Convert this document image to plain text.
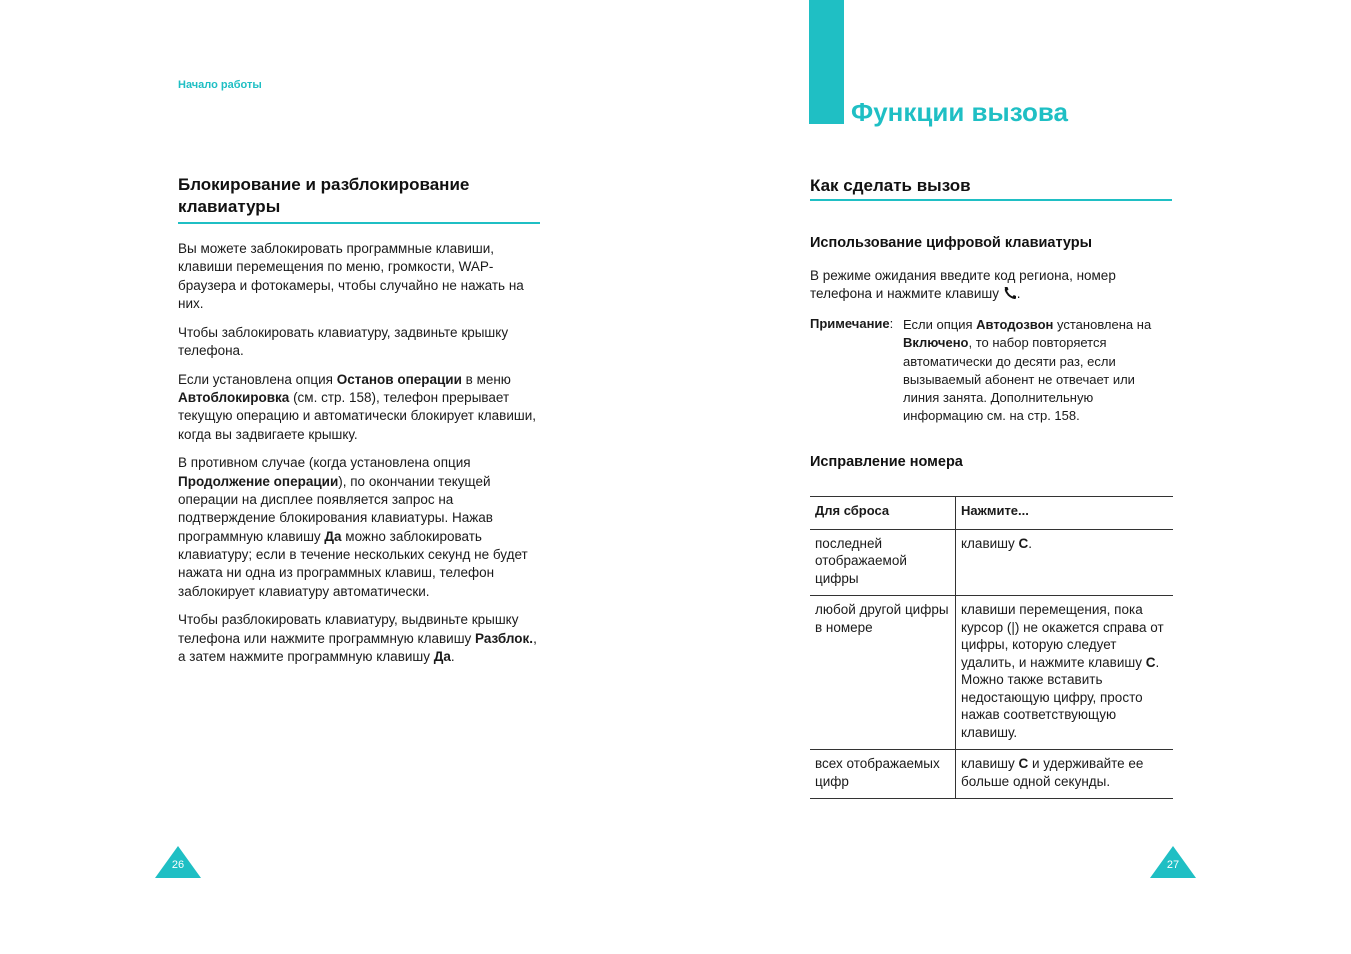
Начало работы
Блокирование и разблокирование
клавиатуры

Вы можете заблокировать программные клавиши, клавиши перемещения по меню, громкости, WAP-браузера и фотокамеры, чтобы случайно не нажать на них.

Чтобы заблокировать клавиатуру, задвиньте крышку телефона.

Если установлена опция Останов операции в меню Автоблокировка (см. стр. 158), телефон прерывает текущую операцию и автоматически блокирует клавиши, когда вы задвигаете крышку.

В противном случае (когда установлена опция Продолжение операции), по окончании текущей операции на дисплее появляется запрос на подтверждение блокирования клавиатуры. Нажав программную клавишу Да можно заблокировать клавиатуру; если в течение нескольких секунд не будет нажата ни одна из программных клавиш, телефон заблокирует клавиатуру автоматически.

Чтобы разблокировать клавиатуру, выдвиньте крышку телефона или нажмите программную клавишу Разблок., а затем нажмите программную клавишу Да.

26
Функции вызова
Как сделать вызов
Использование цифровой клавиатуры
В режиме ожидания введите код региона, номер
телефона и нажмите клавишу .
Примечание: Если опция Автодозвон установлена на Включено, то набор повторяется автоматически до десяти раз, если вызываемый абонент не отвечает или линия занята. Дополнительную информацию см. на стр. 158.
Исправление номера
Для сброса	Нажмите...
последней отображаемой цифры	клавишу C.
любой другой цифры в номере	клавиши перемещения, пока курсор (|) не окажется справа от цифры, которую следует удалить, и нажмите клавишу C. Можно также вставить недостающую цифру, просто нажав соответствующую клавишу.
всех отображаемых цифр	клавишу C и удерживайте ее больше одной секунды.
27
